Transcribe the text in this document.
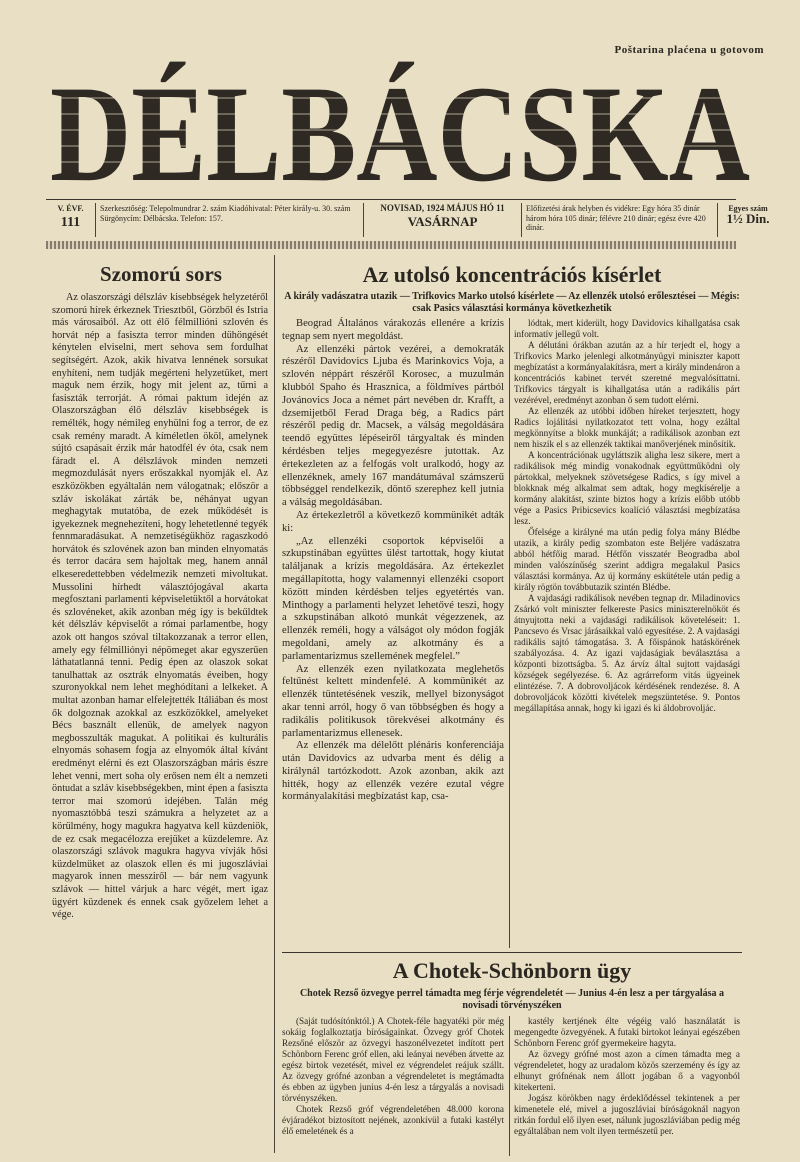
Poštarina plaćena u gotovom
DÉLBÁCSKA
V. ÉVF.
111
Szerkesztőség: Telepolmundrar 2. szám Kiadóhivatal: Péter király-u. 30. szám Sürgönycím: Délbácska. Telefon: 157.
NOVISAD, 1924 MÁJUS HÓ 11
VASÁRNAP
Előfizetési árak helyben és vidékre: Egy hóra 35 dinár három hóra 105 dinár; félévre 210 dinár; egész évre 420 dinár.
Egyes szám
1½ Din.
Szomorú sors

Az olaszországi délszláv kisebbségek helyzetéről szomorú hírek érkeznek Triesztből, Görzből és Istria más városaiból. Az ott élő félmillióni szlovén és horvát nép a fasiszta terror minden dühöngését kénytelen elviselni, mert sehova sem fordulhat segítségért. Azok, akik hivatva lennének sorsukat enyhíteni, nem tudják megérteni helyzetüket, mert maguk nem érzik, hogy mit jelent az, tűrni a fasiszták terrorját. A római paktum idején az Olaszországban élő délszláv kisebbségek is remélték, hogy némileg enyhülni fog a terror, de ez csak remény maradt. A kíméletlen ököl, amelynek sújtó csapásait érzik már hatodfél év óta, csak nem fáradt el. A délszlávok minden nemzeti megmozdulását nyers erőszakkal nyomják el. Az eszközökben egyáltalán nem válogatnak; először a szláv iskolákat zárták be, néhányat ugyan meghagytak mutatóba, de ezek működését is igyekeznek megnehezíteni, hogy lehetetlenné tegyék fennmaradásukat. A nemzetiségükhöz ragaszkodó horvátok és szlovének azon ban minden elnyomatás és terror dacára sem hajoltak meg, hanem annál elkeseredettebben védelmezik nemzeti mivoltukat. Mussolini hírhedt választójogával akarta megfosztani parlamenti képviseletüktől a horvátokat és szlovéneket, akik azonban még így is bekűldtek két délszláv képviselőt a római parlamentbe, hogy azok ott hangos szóval tiltakozzanak a terror ellen, amely egy félmilliónyi népömeget akar egyszerűen láthatatlanná tenni. Pedig épen az olaszok sokat tanulhattak az osztrák elnyomatás éveiben, hogy szuronyokkal nem lehet meghódítani a lelkeket. A multat azonban hamar elfelejtették Itáliában és most ők dolgoznak azokkal az eszközökkel, amelyeket Bécs basznált ellenük, de amelyek nagyon megbosszulták magukat. A politikai és kulturális elnyomás sohasem fogja az elnyomók által kívánt eredményt elérni és ezt Olaszországban máris észre lehet venni, mert soha oly erősen nem élt a nemzeti öntudat a szláv kisebbségekben, mint épen a fasiszta terror mai szomorú idejében. Talán még nyomasztóbbá teszi számukra a helyzetet az a körülmény, hogy magukra hagyatva kell küzdeniök, de ez csak megacélozza erejüket a küzdelemre. Az olaszországi szlávok magukra hagyva vívják hősi küzdelmüket az olaszok ellen és mi jugoszláviai magyarok innen messziről — bár nem vagyunk szlávok — hittel várjuk a harc végét, mert igaz ügyért küzdenek és ennek csak győzelem lehet a vége.

Az utolsó koncentrációs kísérlet
A király vadászatra utazik — Trifkovics Marko utolsó kísérlete — Az ellenzék utolsó erőlesztései — Mégis: csak Pasics választási kormánya következhetik

Beograd Általános várakozás ellenére a krízis tegnap sem nyert megoldást.

Az ellenzéki pártok vezérei, a demokraták részéről Davidovics Ljuba és Marinkovics Voja, a szlovén néppárt részéről Korosec, a muzulmán klubból Spaho és Hrasznica, a földmíves pártból Jovánovics Joca a német párt nevében dr. Krafft, a dzsemijetből Ferad Draga bég, a Radics párt részéről pedig dr. Macsek, a válság megoldására teendő együttes lépéseiről tárgyaltak és minden kérdésben teljes megegyezésre jutottak. Az értekezleten az a felfogás volt uralkodó, hogy az ellenzéknek, amely 167 mandátumával számszerű többséggel rendelkezik, döntő szerephez kell jutnia a válság megoldásában.

Az értekezletről a következő kommünikét adták ki:

„Az ellenzéki csoportok képviselői a szkupstinában együttes ülést tartottak, hogy kiutat találjanak a krízis megoldására. Az értekezlet megállapította, hogy valamennyi ellenzéki csoport között minden kérdésben teljes egyetértés van. Minthogy a parlamenti helyzet lehetővé teszi, hogy a szkupstinában alkotó munkát végezzenek, az ellenzék reméli, hogy a válságot oly módon fogják megoldani, amely az alkotmány és a parlamentarizmus szellemének megfelel.”

Az ellenzék ezen nyilatkozata meglehetős feltűnést keltett mindenfelé. A kommünikét az ellenzék tüntetésének veszik, mellyel bizonyságot akar tenni arról, hogy ő van többségben és hogy a radikális politikusok törekvései alkotmány és parlamentarizmus ellenesek.

Az ellenzék ma délelőtt plénáris konferenciája után Davidovics az udvarba ment és délig a királynál tartózkodott. Azok azonban, akik azt hitték, hogy az ellenzék vezére ezutal végre kormányalakítási megbízatást kap, csa-

lódtak, mert kiderült, hogy Davidovics kihallgatása csak informatív jellegű volt.

A délutáni órákban azután az a hír terjedt el, hogy a Trifkovics Marko jelenlegi alkotmányügyi miniszter kapott megbízatást a kormányalakításra, mert a király mindenáron a koncentrációs kabinet tervét szeretné megvalósíttatni. Trifkovics tárgyalt is kihallgatása után a radikális párt vezérével, eredményt azonban ő sem tudott elérni.

Az ellenzék az utóbbi időben híreket terjesztett, hogy Radics lojálitási nyilatkozatot tett volna, hogy ezáltal megkönnyítse a blokk munkáját; a radikálisok azonban ezt nem hiszik el s az ellenzék taktikai manőverjének minősítik.

A koncentrációnak ugyláttszik aligha lesz sikere, mert a radikálisok még mindig vonakodnak együttműködni oly pártokkal, melyeknek szövetségese Radics, s így mivel a blokknak még alkalmat sem adtak, hogy megkísérelje a kormány alakítást, szinte biztos hogy a krízis előbb utóbb vége a Pasics Pribicsevics koalíció választási megbízatása lesz.

Őfelsége a királyné ma után pedig folya mány Blédbe utazik, a király pedig szombaton este Beljére vadászatra abból hétfőig marad. Hétfőn visszatér Beogradba abol minden valószínűség szerint addigra megalakul Pasics választási kormánya. Az új kormány eskütétele után pedig a király rögtön továbbutazik szintén Blédbe.

A vajdasági radikálisok nevében tegnap dr. Miladinovics Zsárkó volt miniszter felkereste Pasics miniszterelnököt és átnyujtotta neki a vajdasági radikálisok követeléseit: 1. Pancsevo és Vrsac járásaikkal való egyesítése. 2. A vajdasági radikális sajtó támogatása. 3. A főispánok hatáskörének szabályozása. 4. Az igazi vajdaságiak beválasztása a központi bizottságba. 5. Az árvíz által sujtott vajdasági községek segélyezése. 6. Az agrárreform vitás ügyeinek elintézése. 7. A dobrovoljácok kérdésének rendezése. 8. A dobrovoljácok közötti kivételek megszüntetése. 9. Pontos megállapítása annak, hogy ki igazi és ki áldobrovoljác.

A Chotek-Schönborn ügy
Chotek Rezső özvegye perrel támadta meg férje végrendeletét — Junius 4-én lesz a per tárgyalása a novisadi törvényszéken

(Saját tudósítónktól.) A Chotek-féle hagyatéki pör még sokáig foglalkoztatja bíróságainkat. Özvegy gróf Chotek Rezsőné először az özvegyi haszonélvezetet indított pert Schönborn Ferenc gróf ellen, aki leányai nevében átvette az egész birtok vezetését, mivel ez végrendelet reájuk szállt. Az özvegy grófné azonban a végrendeletet is megtámadta és ebben az ügyben junius 4-én lesz a tárgyalás a novisadi törvényszéken.

Chotek Rezső gróf végrendeletében 48.000 korona évjáradékot biztosított nejének, azonkívül a futaki kastélyt élő emeletének és a

kastély kertjének élte végéig való használatát is megengedte özvegyének. A futaki birtokot leányai egészében Schönborn Ferenc gróf gyermekeire hagyta.

Az özvegy grófné most azon a címen támadta meg a végrendeletet, hogy az uradalom közös szerzemény és így az elhunyt grófnénak nem állott jogában ő a vagyonból kitekerteni.

Jogász körökben nagy érdeklődéssel tekintenek a per kimenetele elé, mivel a jugoszláviai bíróságoknál nagyon ritkán fordul elő ilyen eset, nálunk jugoszláviában pedig még egyáltalában nem volt ilyen természetű per.
